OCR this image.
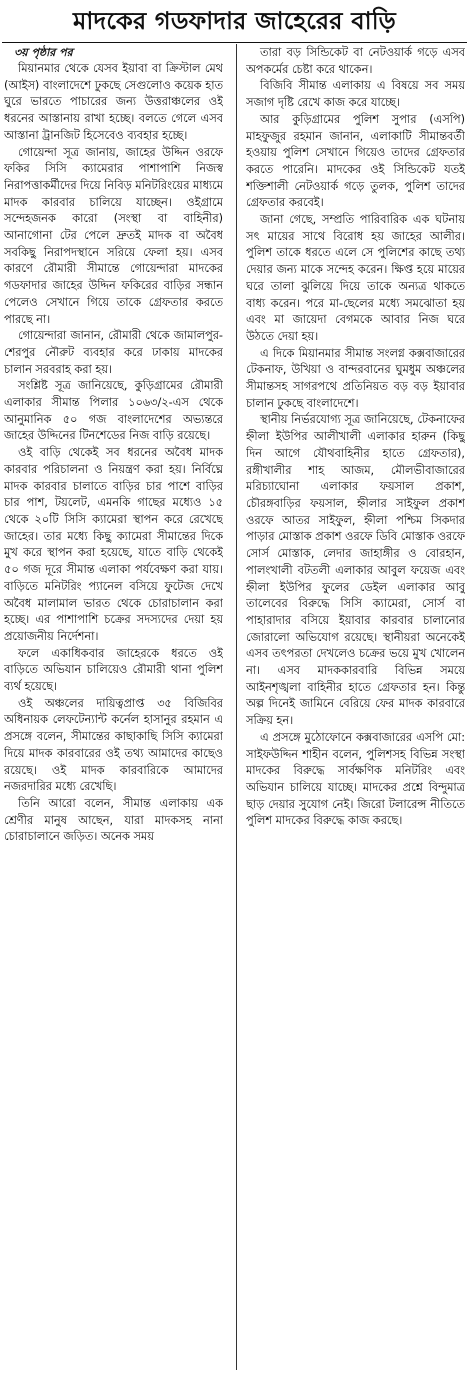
মাদকের গডফাদার জাহেরের বাড়ি
৩য় পৃষ্ঠার পর

মিয়ানমার থেকে যেসব ইয়াবা বা ক্রিস্টাল মেথ (আইস) বাংলাদেশে ঢুকছে সেগুলোও কয়েক হাত ঘুরে ভারতে পাচারের জন্য উত্তরাঞ্চলের ওই ধরনের আস্তানায় রাখা হচ্ছে। বলতে গেলে এসব আস্তানা ট্রানজিট হিসেবেও ব্যবহার হচ্ছে।

গোয়েন্দা সূত্র জানায়, জাহের উদ্দিন ওরফে ফকির সিসি ক্যামেরার পাশাপাশি নিজস্ব নিরাপত্তাকর্মীদের দিয়ে নিবিড় মনিটরিংয়ের মাধ্যমে মাদক কারবার চালিয়ে যাচ্ছেন। ওইগ্রামে সন্দেহজনক কারো (সংস্থা বা বাহিনীর) আনাগোনা টের পেলে দ্রুতই মাদক বা অবৈধ সবকিছু নিরাপদস্থানে সরিয়ে ফেলা হয়। এসব কারণে রৌমারী সীমান্তে গোয়েন্দারা মাদকের গডফাদার জাহের উদ্দিন ফকিরের বাড়ির সন্ধান পেলেও সেখানে গিয়ে তাকে গ্রেফতার করতে পারছে না।

গোয়েন্দারা জানান, রৌমারী থেকে জামালপুর-শেরপুর নৌরুট ব্যবহার করে ঢাকায় মাদকের চালান সরবরাহ করা হয়।

সংশ্লিষ্ট সূত্র জানিয়েছে, কুড়িগ্রামের রৌমারী এলাকার সীমান্ত পিলার ১০৬৩/২-এস থেকে আনুমানিক ৫০ গজ বাংলাদেশের অভ্যন্তরে জাহের উদ্দিনের টিনশেডের নিজ বাড়ি রয়েছে।

ওই বাড়ি থেকেই সব ধরনের অবৈধ মাদক কারবার পরিচালনা ও নিয়ন্ত্রণ করা হয়। নির্বিঘ্নে মাদক কারবার চালাতে বাড়ির চার পাশে বাড়ির চার পাশ, টয়লেট, এমনকি গাছের মধ্যেও ১৫ থেকে ২০টি সিসি ক্যামেরা স্থাপন করে রেখেছে জাহের। তার মধ্যে কিছু ক্যামেরা সীমান্তের দিকে মুখ করে স্থাপন করা হয়েছে, যাতে বাড়ি থেকেই ৫০ গজ দূরে সীমান্ত এলাকা পর্যবেক্ষণ করা যায়। বাড়িতে মনিটরিং প্যানেল বসিয়ে ফুটেজ দেখে অবৈধ মালামাল ভারত থেকে চোরাচালান করা হচ্ছে। এর পাশাপাশি চক্রের সদস্যদের দেয়া হয় প্রয়োজনীয় নির্দেশনা।

ফলে একাধিকবার জাহেরকে ধরতে ওই বাড়িতে অভিযান চালিয়েও রৌমারী থানা পুলিশ ব্যর্থ হয়েছে।

ওই অঞ্চলের দায়িত্বপ্রাপ্ত ৩৫ বিজিবির অধিনায়ক লেফটেন্যান্ট কর্নেল হাসানুর রহমান এ প্রসঙ্গে বলেন, সীমান্তের কাছাকাছি সিসি ক্যামেরা দিয়ে মাদক কারবারের ওই তথ্য আমাদের কাছেও রয়েছে। ওই মাদক কারবারিকে আমাদের নজরদারির মধ্যে রেখেছি।

তিনি আরো বলেন, সীমান্ত এলাকায় এক শ্রেণীর মানুষ আছেন, যারা মাদকসহ নানা চোরাচালানে জড়িত। অনেক সময়

তারা বড় সিন্ডিকেট বা নেটওয়ার্ক গড়ে এসব অপকর্মের চেষ্টা করে থাকেন।

বিজিবি সীমান্ত এলাকায় এ বিষয়ে সব সময় সজাগ দৃষ্টি রেখে কাজ করে যাচ্ছে।

আর কুড়িগ্রামের পুলিশ সুপার (এসপি) মাহফুজুর রহমান জানান, এলাকাটি সীমান্তবর্তী হওয়ায় পুলিশ সেখানে গিয়েও তাদের গ্রেফতার করতে পারেনি। মাদকের ওই সিন্ডিকেট যতই শক্তিশালী নেটওয়ার্ক গড়ে তুলক, পুলিশ তাদের গ্রেফতার করবেই।

জানা গেছে, সম্প্রতি পারিবারিক এক ঘটনায় সৎ মায়ের সাথে বিরোধ হয় জাহের আলীর। পুলিশ তাকে ধরতে এলে সে পুলিশের কাছে তথ্য দেয়ার জন্য মাকে সন্দেহ করেন। ক্ষিপ্ত হয়ে মায়ের ঘরে তালা ঝুলিয়ে দিয়ে তাকে অন্যত্র থাকতে বাধ্য করেন। পরে মা-ছেলের মধ্যে সমঝোতা হয় এবং মা জায়েদা বেগমকে আবার নিজ ঘরে উঠতে দেয়া হয়।

এ দিকে মিয়ানমার সীমান্ত সংলগ্ন কক্সবাজারের টেকনাফ, উখিয়া ও বান্দরবানের ঘুমধুম অঞ্চলের সীমান্তসহ সাগরপথে প্রতিনিয়ত বড় বড় ইয়াবার চালান ঢুকছে বাংলাদেশে।

স্থানীয় নির্ভরযোগ্য সূত্র জানিয়েছে, টেকনাফের হ্নীলা ইউপির আলীখালী এলাকার হারুন (কিছু দিন আগে যৌথবাহিনীর হাতে গ্রেফতার), রঙ্গীখালীর শাহ আজম, মৌলভীবাজারের মরিচ্যাঘোনা এলাকার ফয়সাল প্রকাশ, চৌরঙ্গবাড়ির ফয়সাল, হ্নীলার সাইফুল প্রকাশ ওরফে আতর সাইফুল, হ্নীলা পশ্চিম সিকদার পাড়ার মোস্তাক প্রকাশ ওরফে ডিবি মোস্তাক ওরফে সোর্স মোস্তাক, লেদার জাহাঙ্গীর ও বোরহান, পালংখালী বটতলী এলাকার আবুল ফয়েজ এবং হ্নীলা ইউপির ফুলের ডেইল এলাকার আবু তালেবের বিরুদ্ধে সিসি ক্যামেরা, সোর্স বা পাহারাদার বসিয়ে ইয়াবার কারবার চালানোর জোরালো অভিযোগ রয়েছে। স্থানীয়রা অনেকেই এসব তৎপরতা দেখলেও চক্রের ভয়ে মুখ খোলেন না। এসব মাদককারবারি বিভিন্ন সময়ে আইনশৃঙ্খলা বাহিনীর হাতে গ্রেফতার হন। কিন্তু অল্প দিনেই জামিনে বেরিয়ে ফের মাদক কারবারে সক্রিয় হন।

এ প্রসঙ্গে মুঠোফোনে কক্সবাজারের এসপি মো: সাইফউদ্দিন শাহীন বলেন, পুলিশসহ বিভিন্ন সংস্থা মাদকের বিরুদ্ধে সার্বক্ষণিক মনিটরিং এবং অভিযান চালিয়ে যাচ্ছে। মাদকের প্রশ্নে বিন্দুমাত্র ছাড় দেয়ার সুযোগ নেই। জিরো টলারেন্স নীতিতে পুলিশ মাদকের বিরুদ্ধে কাজ করছে।
